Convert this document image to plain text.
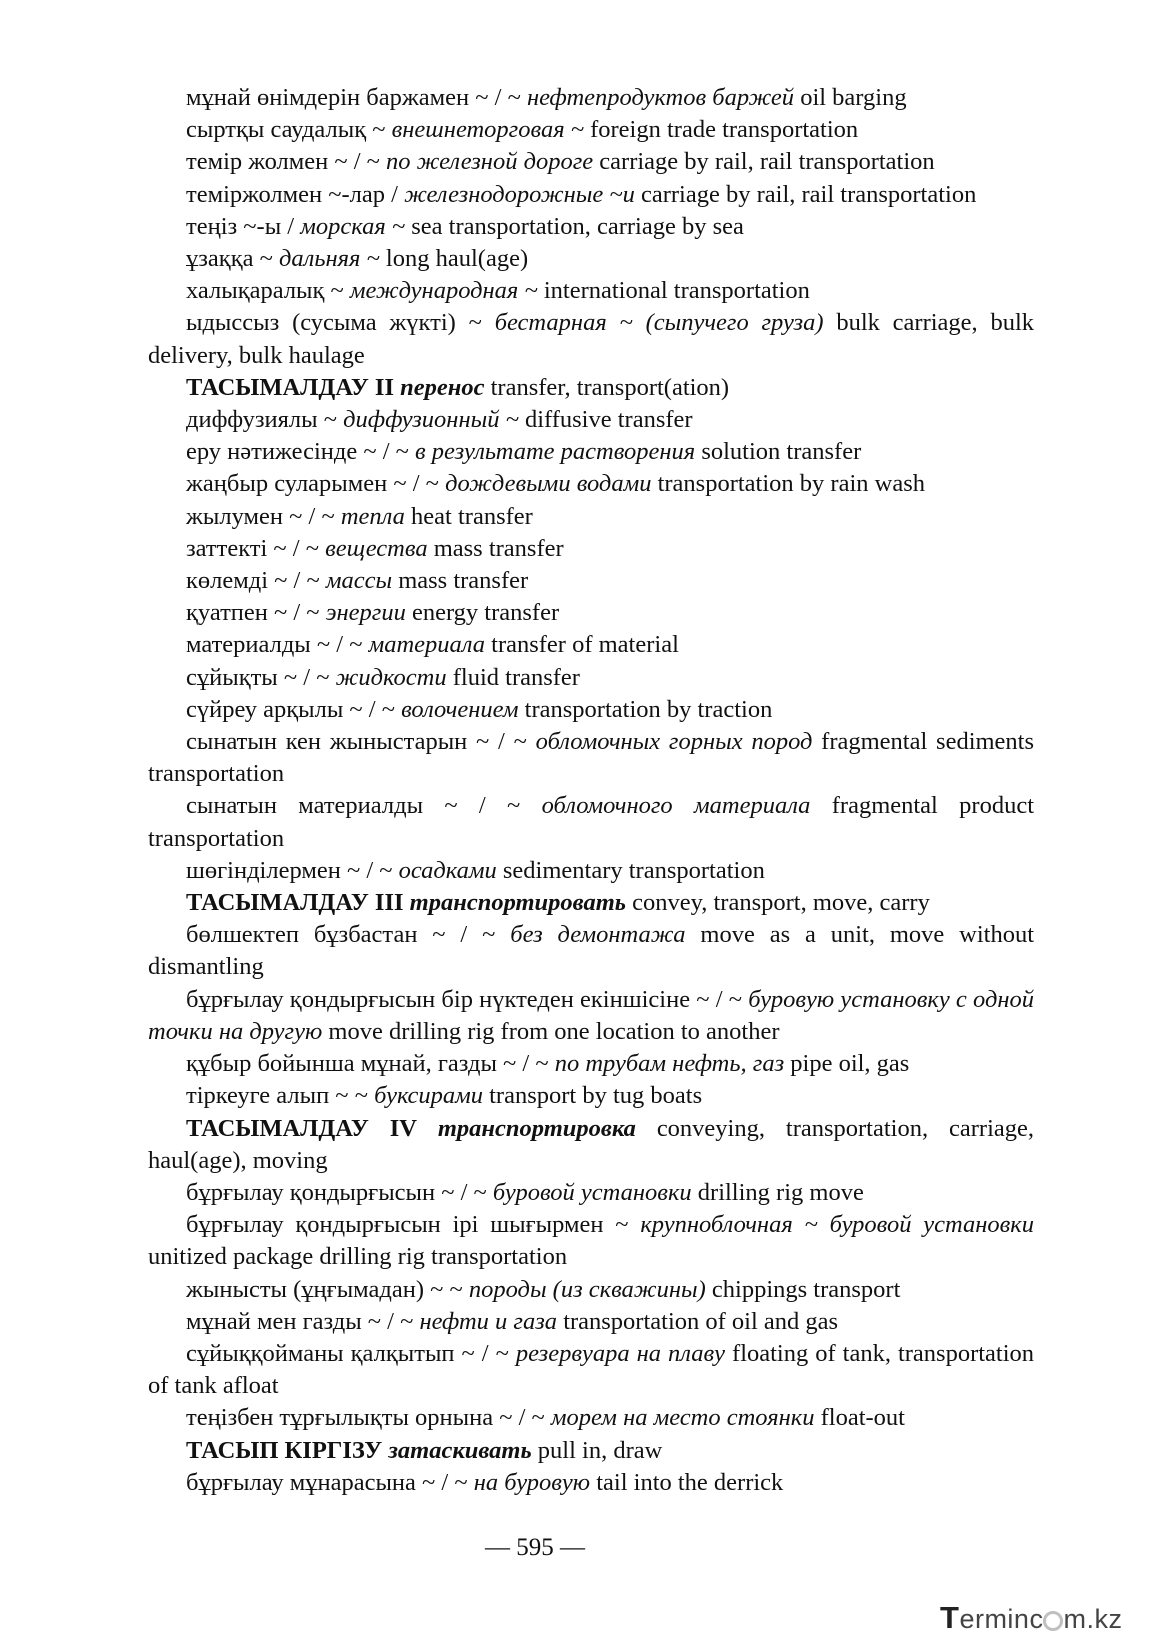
мұнай өнімдерін баржамен ~ / ~ нефтепродуктов баржей oil barging

сыртқы саудалық ~ внешнеторговая ~ foreign trade transportation

темір жолмен ~ / ~ по железной дороге carriage by rail, rail transportation

теміржолмен ~-лар / железнодорожные ~и carriage by rail, rail transportation

теңіз ~-ы / морская ~ sea transportation, carriage by sea

ұзаққа ~ дальняя ~ long haul(age)

халықаралық ~ международная ~ international transportation

ыдыссыз (сусыма жүкті) ~ бестарная ~ (сыпучего груза) bulk carriage, bulk delivery, bulk haulage

ТАСЫМАЛДАУ II перенос transfer, transport(ation)

диффузиялы ~ диффузионный ~ diffusive transfer

еру нәтижесінде ~ / ~ в результате растворения solution transfer

жаңбыр суларымен ~ / ~ дождевыми водами transportation by rain wash

жылумен ~ / ~ тепла heat transfer

заттекті ~ / ~ вещества mass transfer

көлемді ~ / ~ массы mass transfer

қуатпен ~ / ~ энергии energy transfer

материалды ~ / ~ материала transfer of material

сұйықты ~ / ~ жидкости fluid transfer

сүйреу арқылы ~ / ~ волочением transportation by traction

сынатын кен жыныстарын ~ / ~ обломочных горных пород fragmental sediments transportation

сынатын материалды ~ / ~ обломочного материала fragmental product transportation

шөгінділермен ~ / ~ осадками sedimentary transportation

ТАСЫМАЛДАУ III транспортировать convey, transport, move, carry

бөлшектеп бұзбастан ~ / ~ без демонтажа move as a unit, move without dismantling

бұрғылау қондырғысын бір нүктеден екіншісіне ~ / ~ буровую установку с одной точки на другую move drilling rig from one location to another

құбыр бойынша мұнай, газды ~ / ~ по трубам нефть, газ pipe oil, gas

тіркеуге алып ~ ~ буксирами transport by tug boats

ТАСЫМАЛДАУ IV транспортировка conveying, transportation, carriage, haul(age), moving

бұрғылау қондырғысын ~ / ~ буровой установки drilling rig move

бұрғылау қондырғысын ірі шығырмен ~ крупноблочная ~ буровой установки unitized package drilling rig transportation

жынысты (ұңғымадан) ~ ~ породы (из скважины) chippings transport

мұнай мен газды ~ / ~ нефти и газа transportation of oil and gas

сұйыққойманы қалқытып ~ / ~ резервуара на плаву floating of tank, transportation of tank afloat

теңізбен тұрғылықты орнына ~ / ~ морем на место стоянки float-out

ТАСЫП КІРГІЗУ затаскивать pull in, draw

бұрғылау мұнарасына ~ / ~ на буровую tail into the derrick

— 595 —
Terminc m.kz
